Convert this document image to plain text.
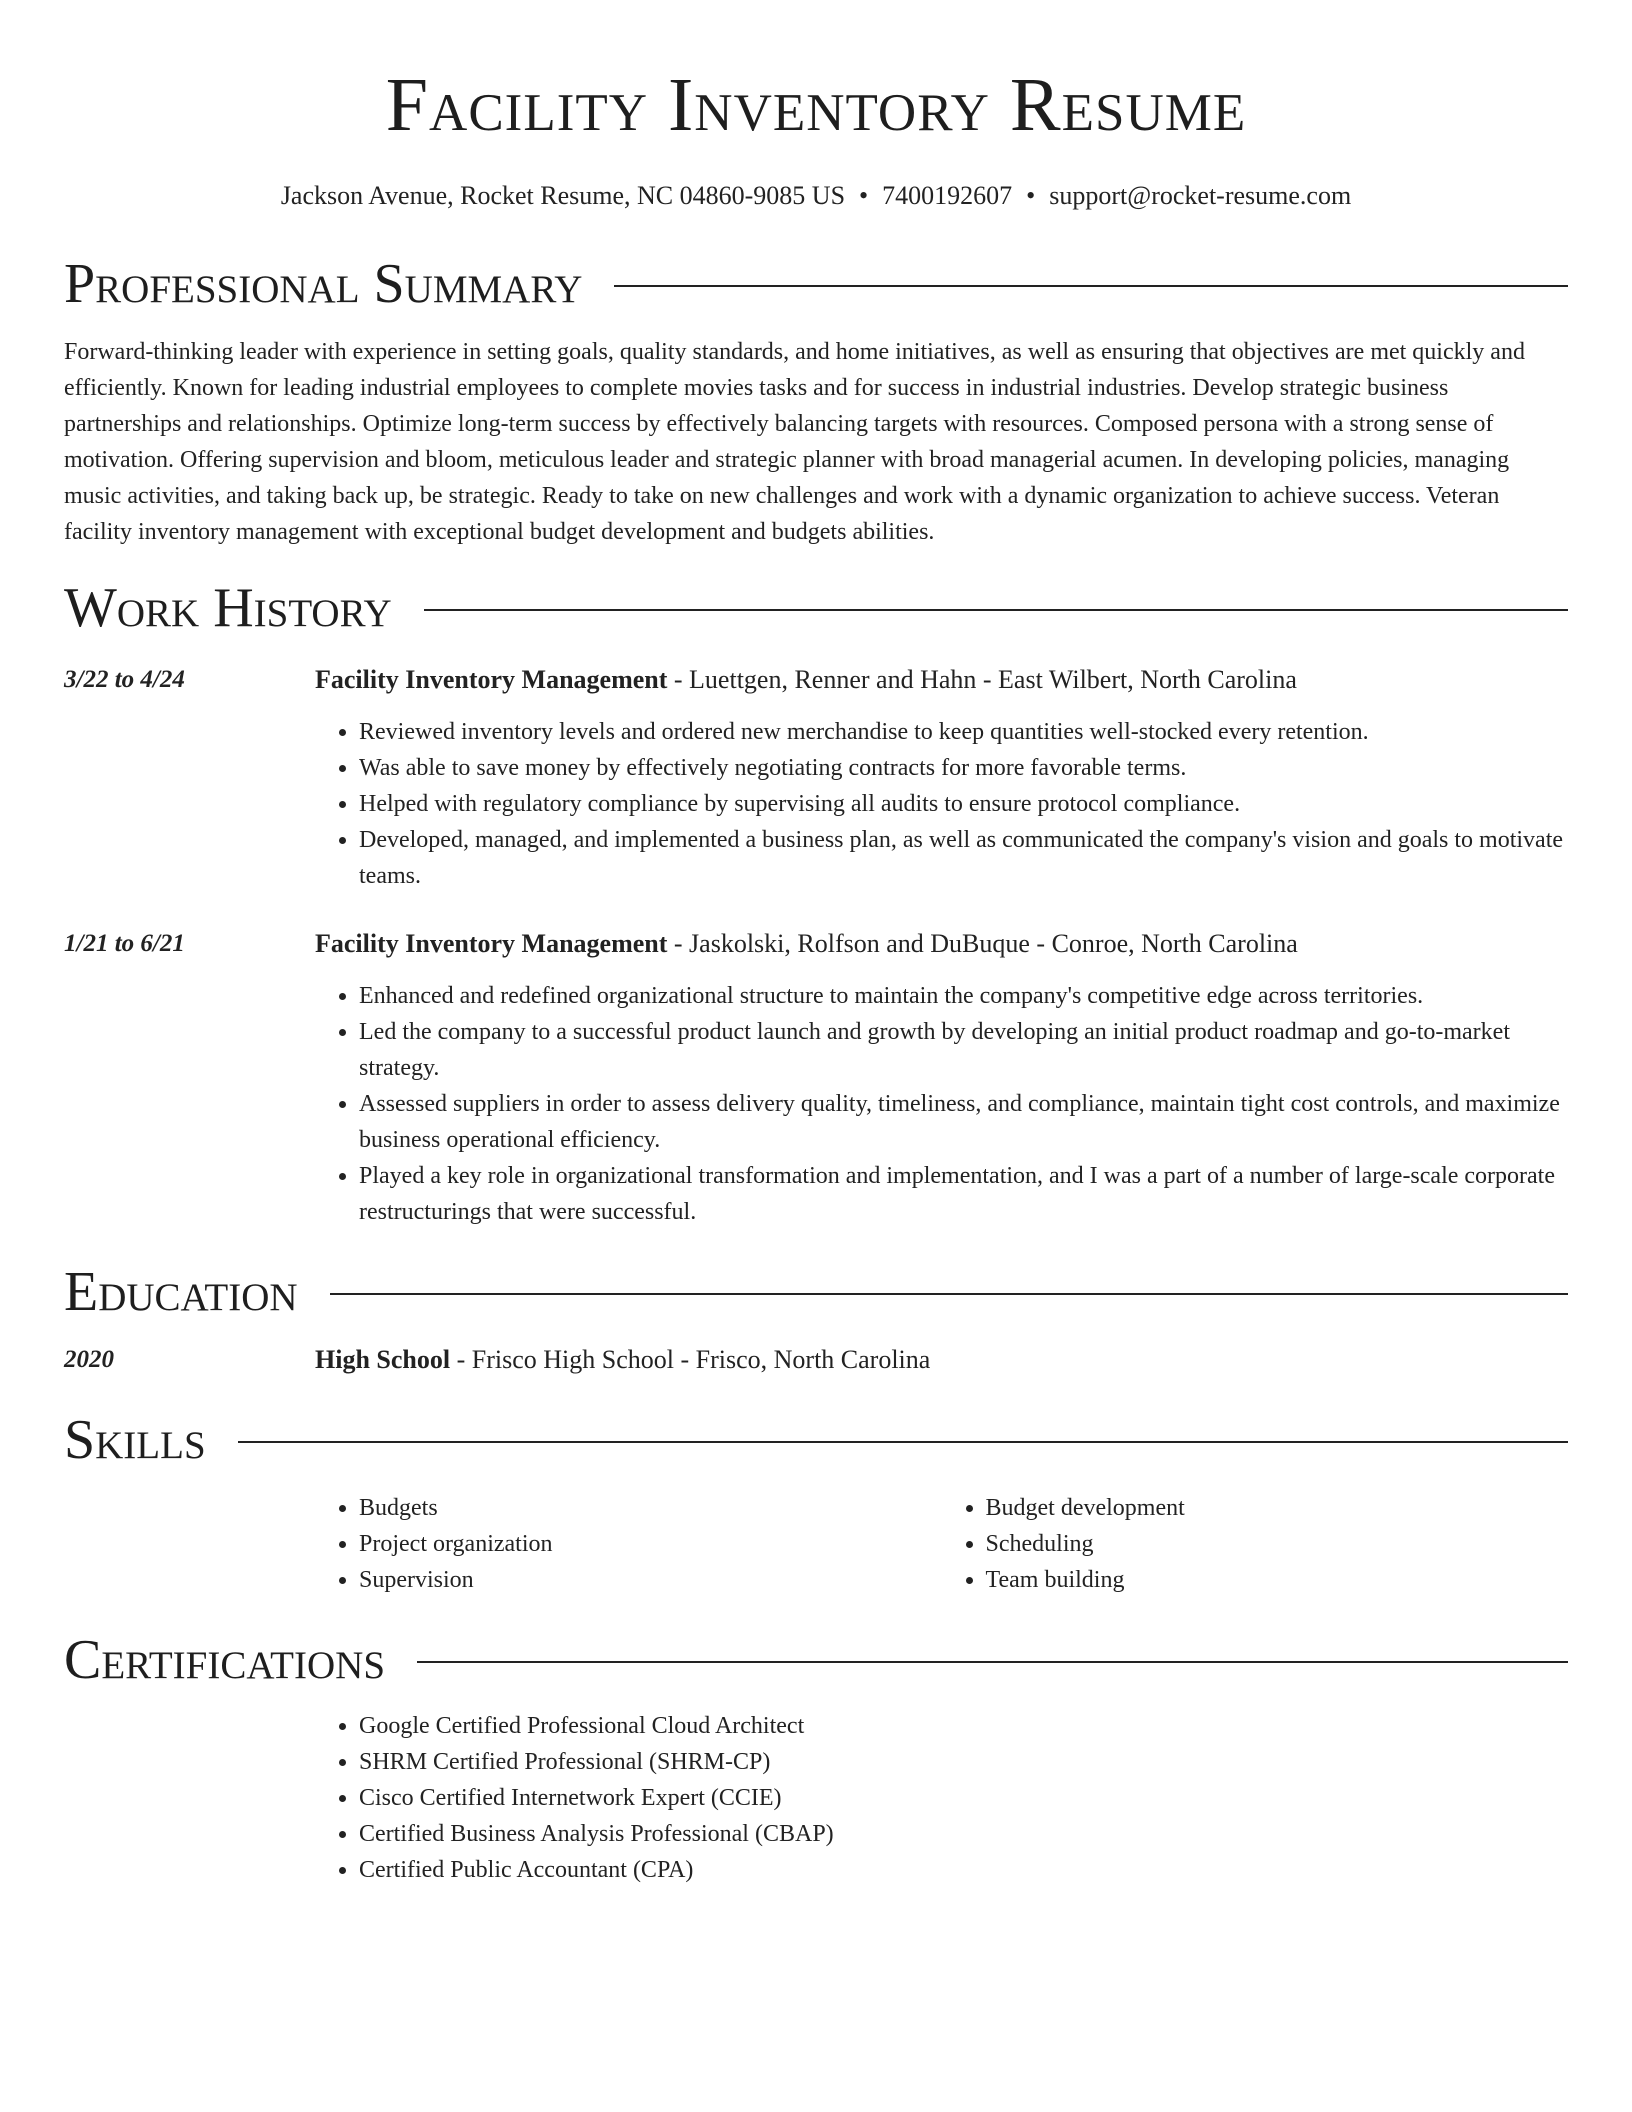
Facility Inventory Resume
Jackson Avenue, Rocket Resume, NC 04860-9085 US • 7400192607 • support@rocket-resume.com
Professional Summary

Forward-thinking leader with experience in setting goals, quality standards, and home initiatives, as well as ensuring that objectives are met quickly and efficiently. Known for leading industrial employees to complete movies tasks and for success in industrial industries. Develop strategic business partnerships and relationships. Optimize long-term success by effectively balancing targets with resources. Composed persona with a strong sense of motivation. Offering supervision and bloom, meticulous leader and strategic planner with broad managerial acumen. In developing policies, managing music activities, and taking back up, be strategic. Ready to take on new challenges and work with a dynamic organization to achieve success. Veteran facility inventory management with exceptional budget development and budgets abilities.

Work History
3/22 to 4/24	Facility Inventory Management - Luettgen, Renner and Hahn - East Wilbert, North Carolina
• Reviewed inventory levels and ordered new merchandise to keep quantities well-stocked every retention.
• Was able to save money by effectively negotiating contracts for more favorable terms.
• Helped with regulatory compliance by supervising all audits to ensure protocol compliance.
• Developed, managed, and implemented a business plan, as well as communicated the company's vision and goals to motivate teams.
1/21 to 6/21	Facility Inventory Management - Jaskolski, Rolfson and DuBuque - Conroe, North Carolina
• Enhanced and redefined organizational structure to maintain the company's competitive edge across territories.
• Led the company to a successful product launch and growth by developing an initial product roadmap and go-to-market strategy.
• Assessed suppliers in order to assess delivery quality, timeliness, and compliance, maintain tight cost controls, and maximize business operational efficiency.
• Played a key role in organizational transformation and implementation, and I was a part of a number of large-scale corporate restructurings that were successful.
Education
2020	High School - Frisco High School - Frisco, North Carolina
Skills
• Budgets
• Project organization
• Supervision
• Budget development
• Scheduling
• Team building
Certifications
• Google Certified Professional Cloud Architect
• SHRM Certified Professional (SHRM-CP)
• Cisco Certified Internetwork Expert (CCIE)
• Certified Business Analysis Professional (CBAP)
• Certified Public Accountant (CPA)
